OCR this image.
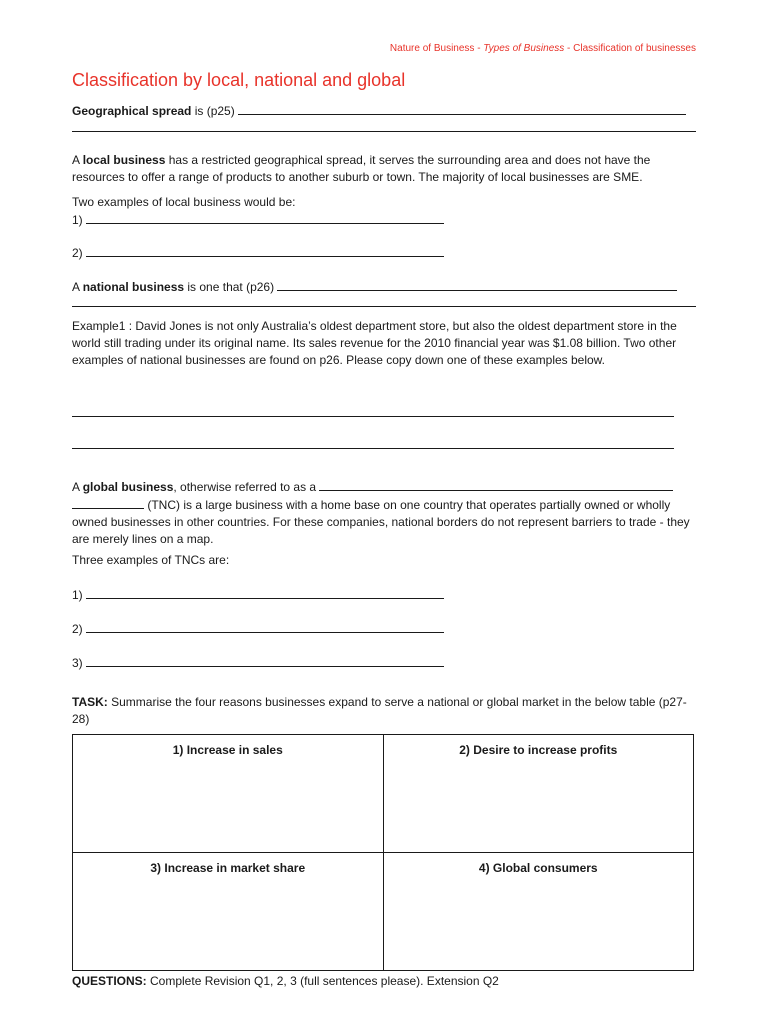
Nature of Business - Types of Business - Classification of businesses
Classification by local, national and global
Geographical spread is (p25)
A local business has a restricted geographical spread, it serves the surrounding area and does not have the resources to offer a range of products to another suburb or town. The majority of local businesses are SME.
Two examples of local business would be:
1)
2)
A national business is one that (p26)
Example1 : David Jones is not only Australia’s oldest department store, but also the oldest department store in the world still trading under its original name. Its sales revenue for the 2010 financial year was $1.08 billion. Two other examples of national businesses are found on p26. Please copy down one of these examples below.
A global business, otherwise referred to as a
(TNC) is a large business with a home base on one country that operates partially owned or wholly owned businesses in other countries. For these companies, national borders do not represent barriers to trade - they are merely lines on a map.
Three examples of TNCs are:
1)
2)
3)
TASK: Summarise the four reasons businesses expand to serve a national or global market in the below table (p27-28)
1) Increase in sales	2) Desire to increase profits
3) Increase in market share	4) Global consumers
QUESTIONS: Complete Revision Q1, 2, 3 (full sentences please). Extension Q2
